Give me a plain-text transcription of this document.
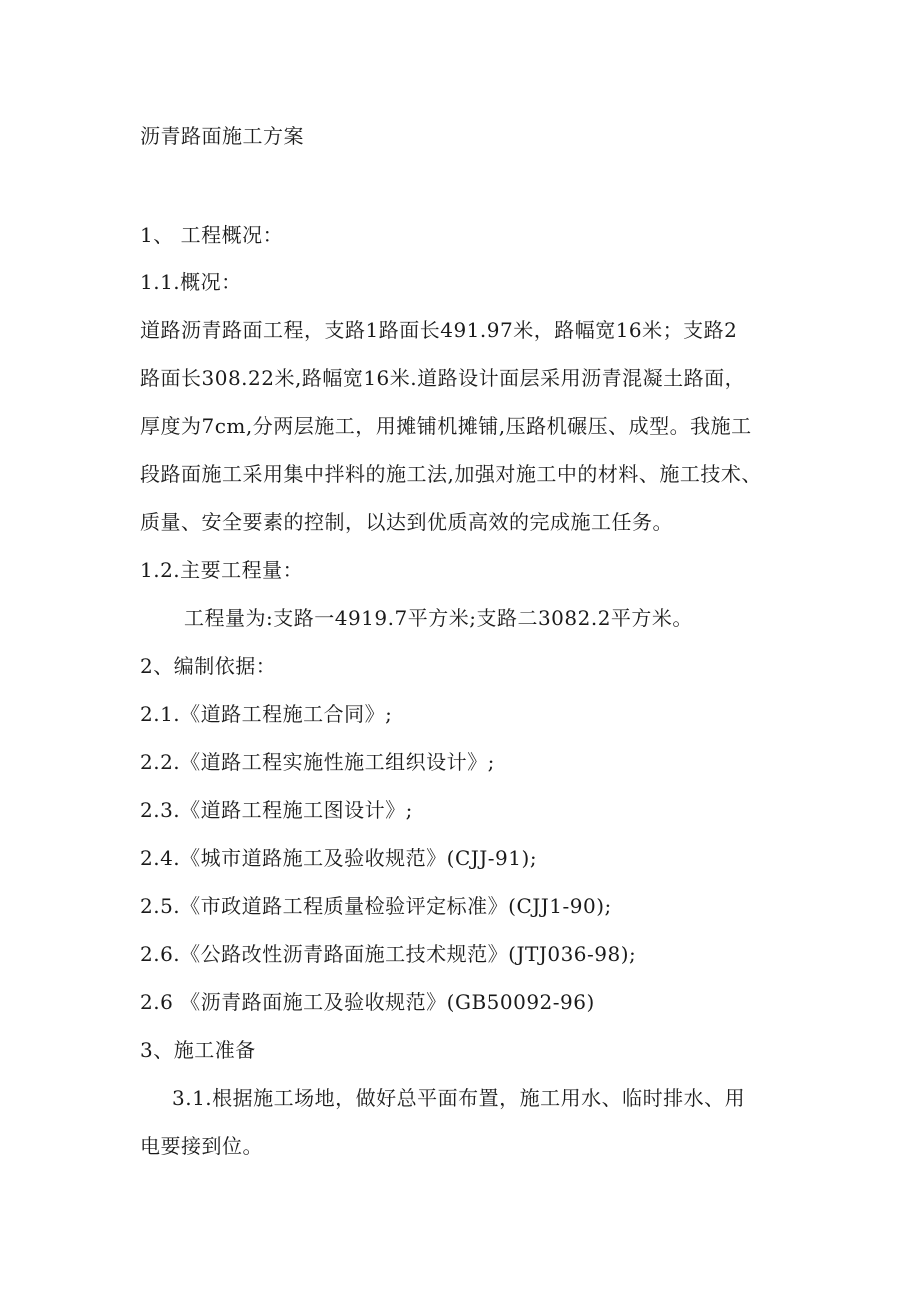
沥青路面施工方案
1、 工程概况：
1.1.概况：
道路沥青路面工程，支路1路面长491.97米，路幅宽16米；支路2
路面长308.22米,路幅宽16米.道路设计面层采用沥青混凝土路面，
厚度为7cm,分两层施工，用摊铺机摊铺,压路机碾压、成型。我施工
段路面施工采用集中拌料的施工法,加强对施工中的材料、施工技术、
质量、安全要素的控制，以达到优质高效的完成施工任务。
1.2.主要工程量：
工程量为:支路一4919.7平方米;支路二3082.2平方米。
2、编制依据：
2.1.《道路工程施工合同》;
2.2.《道路工程实施性施工组织设计》;
2.3.《道路工程施工图设计》;
2.4.《城市道路施工及验收规范》(CJJ-91);
2.5.《市政道路工程质量检验评定标准》(CJJ1-90);
2.6.《公路改性沥青路面施工技术规范》(JTJ036-98);
2.6 《沥青路面施工及验收规范》(GB50092-96)
3、施工准备
3.1.根据施工场地，做好总平面布置，施工用水、临时排水、用
电要接到位。
